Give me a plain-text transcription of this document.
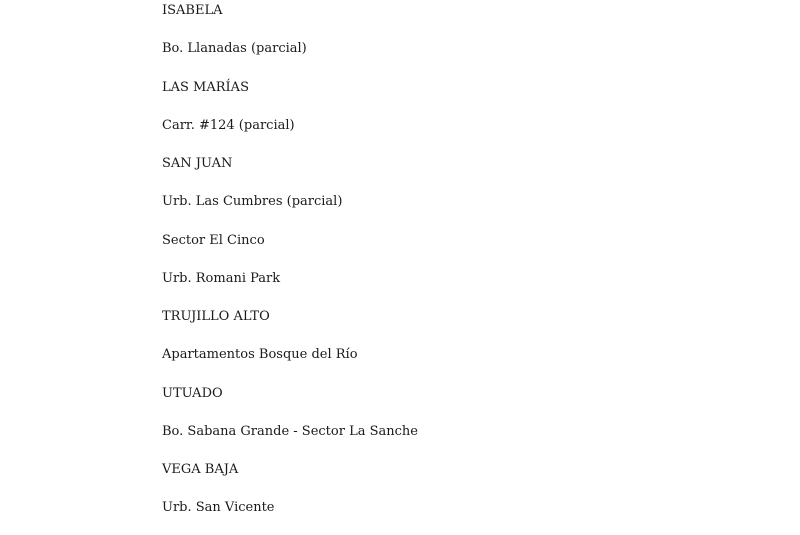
ISABELA

Bo. Llanadas (parcial)

LAS MARÍAS

Carr. #124 (parcial)

SAN JUAN

Urb. Las Cumbres (parcial)

Sector El Cinco

Urb. Romani Park

TRUJILLO ALTO

Apartamentos Bosque del Río

UTUADO

Bo. Sabana Grande - Sector La Sanche

VEGA BAJA

Urb. San Vicente
